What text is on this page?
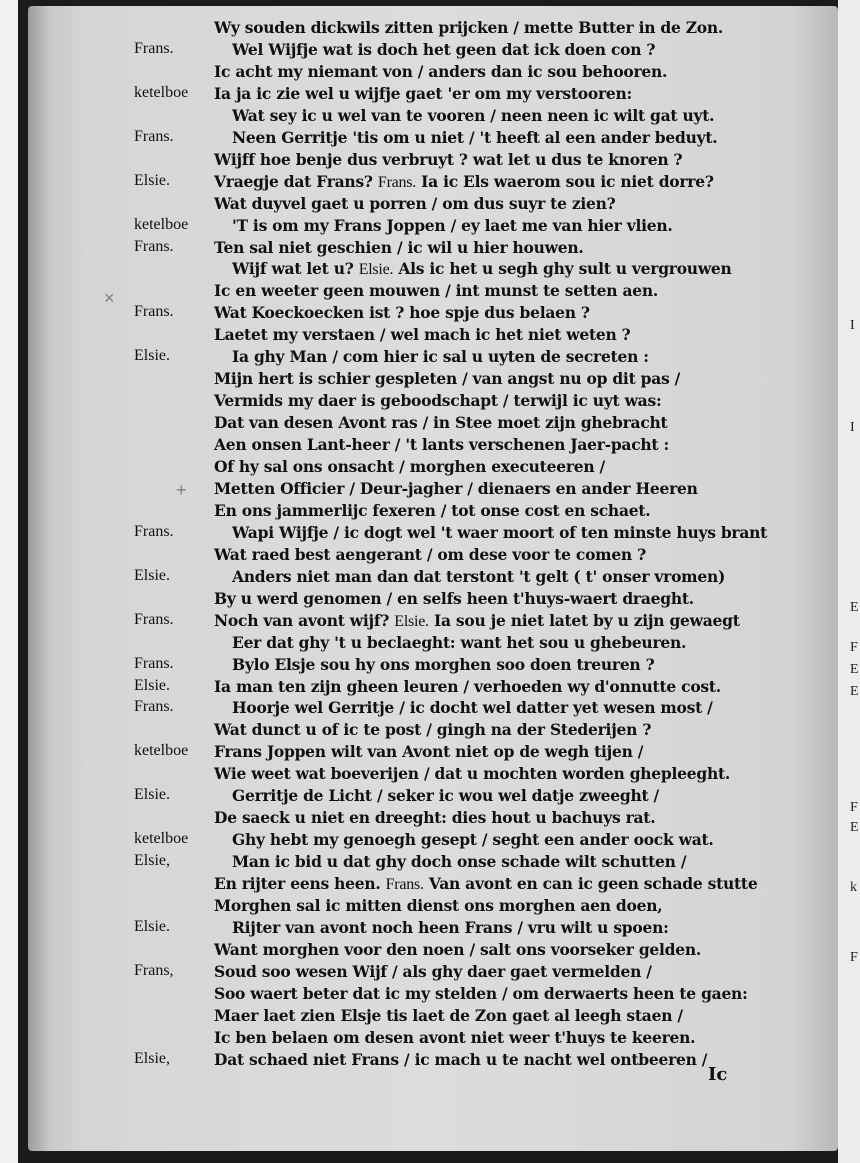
Wy souden dickwils zitten prijcken / mette Butter in de Zon.
Frans.	Wel Wijfje wat is doch het geen dat ick doen con ?
Ic acht my niemant von / anders dan ic sou behooren.
ketelboe Ia ja ic zie wel u wijfje gaet 'er om my verstooren:
Wat sey ic u wel van te vooren / neen neen ic wilt gat uyt.
Frans.	Neen Gerritje 'tis om u niet / 't heeft al een ander beduyt.
Wijff hoe benje dus verbruyt ? wat let u dus te knoren ?
Elsie.	Vraegje dat Frans? Frans. Ia ic Els waerom sou ic niet dorre?
Wat duyvel gaet u porren / om dus suyr te zien?
ketelboe	'T is om my Frans Joppen / ey laet me van hier vlien.
Frans.	Ten sal niet geschien / ic wil u hier houwen.
Wijf wat let u? Elsie. Als ic het u segh ghy sult u vergrouwen
Ic en weeter geen mouwen / int munst te setten aen.
Frans.	Wat Koeckoecken ist ? hoe spje dus belaen ?
Laetet my verstaen / wel mach ic het niet weten ?
Elsie.	Ia ghy Man / com hier ic sal u uyten de secreten :
Mijn hert is schier gespleten / van angst nu op dit pas /
Vermids my daer is geboodschapt / terwijl ic uyt was:
Dat van desen Avont ras / in Stee moet zijn ghebracht
Aen onsen Lant-heer / 't lants verschenen Jaer-pacht :
Of hy sal ons onsacht / morghen executeeren /
Metten Officier / Deur-jagher / dienaers en ander Heeren
En ons jammerlijc fexeren / tot onse cost en schaet.
Frans.	Wapi Wijfje / ic dogt wel 't waer moort of ten minste huys brant
Wat raed best aengerant / om dese voor te comen ?
Elsie.	Anders niet man dan dat terstont 't gelt ( t' onser vromen)
By u werd genomen / en selfs heen t'huys-waert draeght.
Frans.	Noch van avont wijf? Elsie. Ia sou je niet latet by u zijn gewaegt
Eer dat ghy 't u beclaeght: want het sou u ghebeuren.
Frans.	Bylo Elsje sou hy ons morghen soo doen treuren ?
Elsie.	Ia man ten zijn gheen leuren / verhoeden wy d'onnutte cost.
Frans.	Hoorje wel Gerritje / ic docht wel datter yet wesen most /
Wat dunct u of ic te post / gingh na der Stederijen ?
ketelboe Frans Joppen wilt van Avont niet op de wegh tijen /
Wie weet wat boeverijen / dat u mochten worden ghepleeght.
Elsie.	Gerritje de Licht / seker ic wou wel datje zweeght /
De saeck u niet en dreeght: dies hout u bachuys rat.
ketelboe	Ghy hebt my genoegh gesept / seght een ander oock wat.
Elsie,	Man ic bid u dat ghy doch onse schade wilt schutten /
En rijter eens heen. Frans. Van avont en can ic geen schade stutte
Morghen sal ic mitten dienst ons morghen aen doen,
Elsie.	Rijter van avont noch heen Frans / vru wilt u spoen:
Want morghen voor den noen / salt ons voorseker gelden.
Frans,	Soud soo wesen Wijf / als ghy daer gaet vermelden /
Soo waert beter dat ic my stelden / om derwaerts heen te gaen:
Maer laet zien Elsje tis laet de Zon gaet al leegh staen /
Ic ben belaen om desen avont niet weer t'huys te keeren.
Elsie,	Dat schaed niet Frans / ic mach u te nacht wel ontbeeren /
Ic
×
+
I
I
E
F
E
E
F
E
k
F
